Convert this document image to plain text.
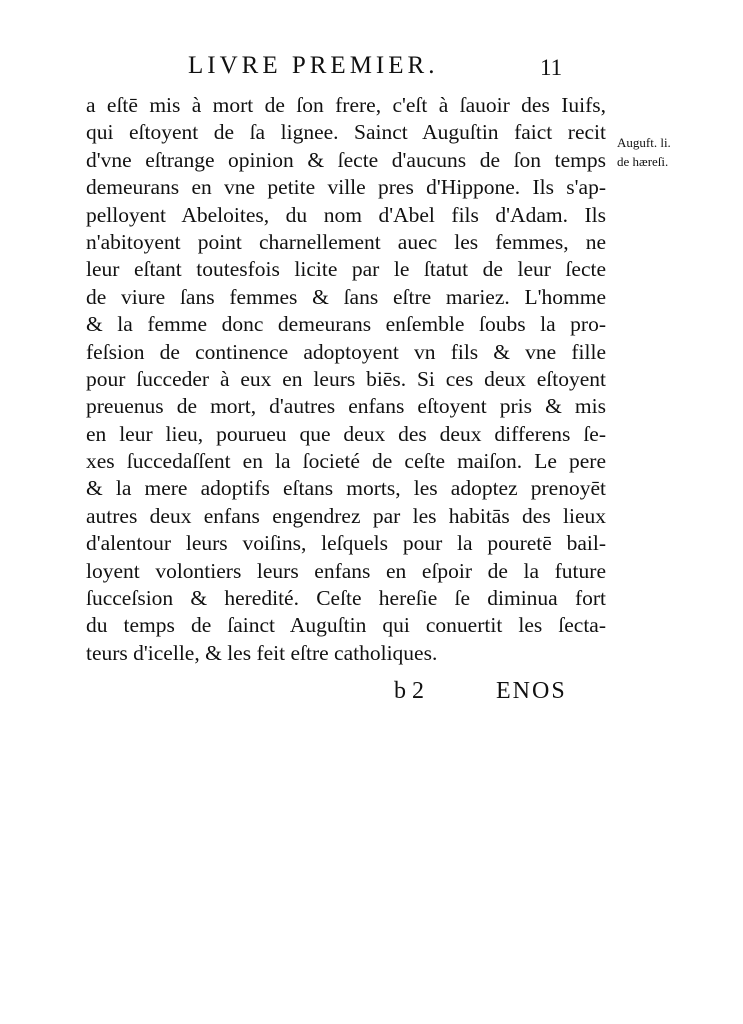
LIVRE PREMIER.	11
a eſtē mis à mort de ſon frere, c'eſt à ſauoir des Iuifs,
qui eſtoyent de ſa lignee. Sainct Auguſtin faict recit
d'vne eſtrange opinion & ſecte d'aucuns de ſon temps
demeurans en vne petite ville pres d'Hippone. Ils s'ap-
pelloyent Abeloites, du nom d'Abel fils d'Adam. Ils
n'abitoyent point charnellement auec les femmes, ne
leur eſtant toutesfois licite par le ſtatut de leur ſecte
de viure ſans femmes & ſans eſtre mariez. L'homme
& la femme donc demeurans enſemble ſoubs la pro-
feſsion de continence adoptoyent vn fils & vne fille
pour ſucceder à eux en leurs biēs. Si ces deux eſtoyent
preuenus de mort, d'autres enfans eſtoyent pris & mis
en leur lieu, pourueu que deux des deux differens ſe-
xes ſuccedaſſent en la ſocieté de ceſte maiſon. Le pere
& la mere adoptifs eſtans morts, les adoptez prenoyēt
autres deux enfans engendrez par les habitās des lieux
d'alentour leurs voiſins, leſquels pour la pouretē bail-
loyent volontiers leurs enfans en eſpoir de la future
ſucceſsion & heredité. Ceſte hereſie ſe diminua fort
du temps de ſainct Auguſtin qui conuertit les ſecta-
teurs d'icelle, & les feit eſtre catholiques.
Auguft. li.
de hæreſi.
b 2	ENOS
